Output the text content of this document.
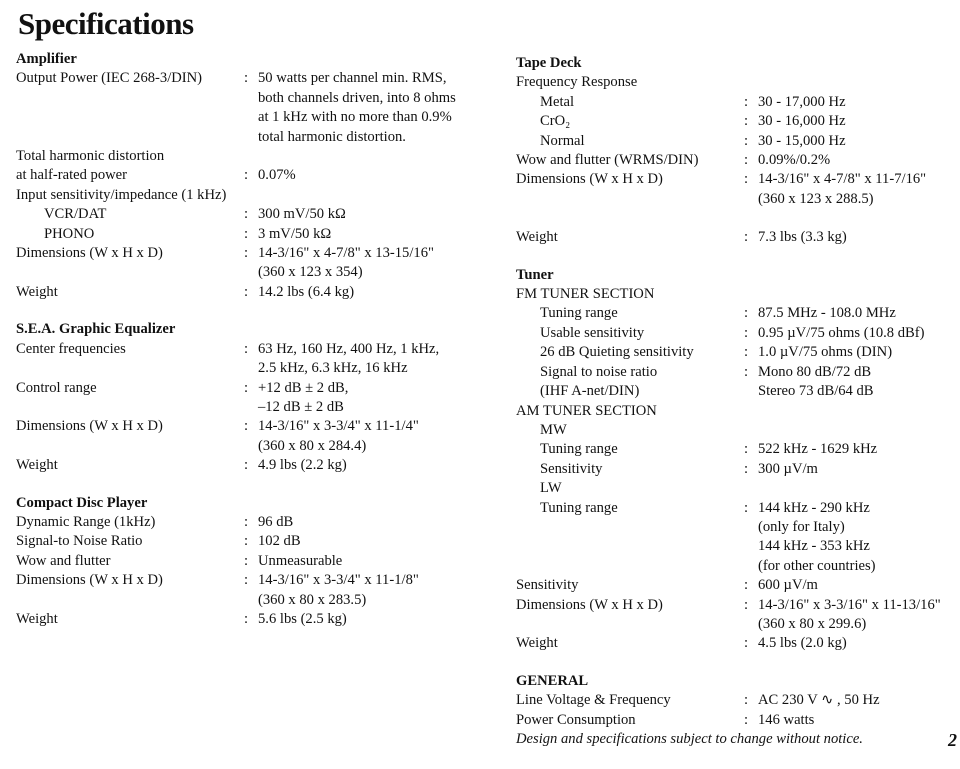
Specifications
Amplifier
Output Power (IEC 268-3/DIN)	: 50 watts per channel min. RMS,
both channels driven, into 8 ohms
at 1 kHz with no more than 0.9%
total harmonic distortion.
Total harmonic distortion
at half-rated power	: 0.07%
Input sensitivity/impedance (1 kHz)
VCR/DAT	: 300 mV/50 kΩ
PHONO	: 3 mV/50 kΩ
Dimensions (W x H x D)	: 14-3/16" x 4-7/8" x 13-15/16"
(360 x 123 x 354)
Weight	: 14.2 lbs (6.4 kg)
S.E.A. Graphic Equalizer
Center frequencies	: 63 Hz, 160 Hz, 400 Hz, 1 kHz,
2.5 kHz, 6.3 kHz, 16 kHz
Control range	: +12 dB ± 2 dB,
–12 dB ± 2 dB
Dimensions (W x H x D)	: 14-3/16" x 3-3/4" x 11-1/4"
(360 x 80 x 284.4)
Weight	: 4.9 lbs (2.2 kg)
Compact Disc Player
Dynamic Range (1kHz)	: 96 dB
Signal-to Noise Ratio	: 102 dB
Wow and flutter	: Unmeasurable
Dimensions (W x H x D)	: 14-3/16" x 3-3/4" x 11-1/8"
(360 x 80 x 283.5)
Weight	: 5.6 lbs (2.5 kg)
Tape Deck
Frequency Response
Metal	: 30 - 17,000 Hz
CrO₂	: 30 - 16,000 Hz
Normal	: 30 - 15,000 Hz
Wow and flutter (WRMS/DIN)	: 0.09%/0.2%
Dimensions (W x H x D)	: 14-3/16" x 4-7/8" x 11-7/16"
(360 x 123 x 288.5)
Weight	: 7.3 lbs (3.3 kg)
Tuner
FM TUNER SECTION
Tuning range	: 87.5 MHz - 108.0 MHz
Usable sensitivity	: 0.95 µV/75 ohms (10.8 dBf)
26 dB Quieting sensitivity	: 1.0 µV/75 ohms (DIN)
Signal to noise ratio	: Mono 80 dB/72 dB
(IHF A-net/DIN)	Stereo 73 dB/64 dB
AM TUNER SECTION
MW
Tuning range	: 522 kHz - 1629 kHz
Sensitivity	: 300 µV/m
LW
Tuning range	: 144 kHz - 290 kHz
(only for Italy)
144 kHz - 353 kHz
(for other countries)
Sensitivity	: 600 µV/m
Dimensions (W x H x D)	: 14-3/16" x 3-3/16" x 11-13/16"
(360 x 80 x 299.6)
Weight	: 4.5 lbs (2.0 kg)
GENERAL
Line Voltage & Frequency	: AC 230 V ∿ , 50 Hz
Power Consumption	: 146 watts
Design and specifications subject to change without notice.	2
